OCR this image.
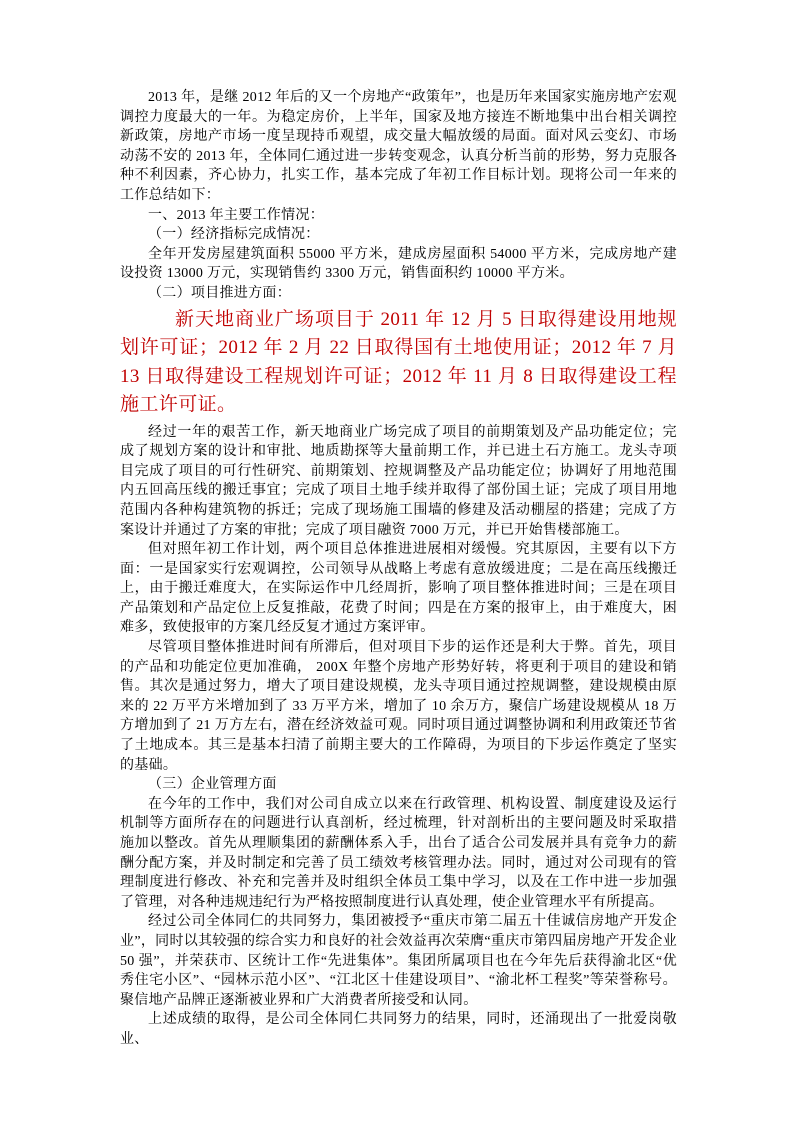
2013 年，是继 2012 年后的又一个房地产“政策年”，也是历年来国家实施房地产宏观调控力度最大的一年。为稳定房价，上半年，国家及地方接连不断地集中出台相关调控新政策，房地产市场一度呈现持币观望，成交量大幅放缓的局面。面对风云变幻、市场动荡不安的 2013 年，全体同仁通过进一步转变观念，认真分析当前的形势，努力克服各种不利因素，齐心协力，扎实工作，基本完成了年初工作目标计划。现将公司一年来的工作总结如下：

一、2013 年主要工作情况：

（一）经济指标完成情况：

全年开发房屋建筑面积 55000 平方米，建成房屋面积 54000 平方米，完成房地产建设投资 13000 万元，实现销售约 3300 万元，销售面积约 10000 平方米。

（二）项目推进方面：

新天地商业广场项目于 2011 年 12 月 5 日取得建设用地规划许可证；2012 年 2 月 22 日取得国有土地使用证；2012 年 7 月 13 日取得建设工程规划许可证；2012 年 11 月 8 日取得建设工程施工许可证。

经过一年的艰苦工作，新天地商业广场完成了项目的前期策划及产品功能定位；完成了规划方案的设计和审批、地质勘探等大量前期工作，并已进土石方施工。龙头寺项目完成了项目的可行性研究、前期策划、控规调整及产品功能定位；协调好了用地范围内五回高压线的搬迁事宜；完成了项目土地手续并取得了部份国土证；完成了项目用地范围内各种构建筑物的拆迁；完成了现场施工围墙的修建及活动棚屋的搭建；完成了方案设计并通过了方案的审批；完成了项目融资 7000 万元，并已开始售楼部施工。

但对照年初工作计划，两个项目总体推进进展相对缓慢。究其原因，主要有以下方面：一是国家实行宏观调控，公司领导从战略上考虑有意放缓进度；二是在高压线搬迁上，由于搬迁难度大，在实际运作中几经周折，影响了项目整体推进时间；三是在项目产品策划和产品定位上反复推敲，花费了时间；四是在方案的报审上，由于难度大，困难多，致使报审的方案几经反复才通过方案评审。

尽管项目整体推进时间有所滞后，但对项目下步的运作还是利大于弊。首先，项目的产品和功能定位更加准确， 200X 年整个房地产形势好转，将更利于项目的建设和销售。其次是通过努力，增大了项目建设规模，龙头寺项目通过控规调整，建设规模由原来的 22 万平方米增加到了 33 万平方米，增加了 10 余万方，聚信广场建设规模从 18 万方增加到了 21 万方左右，潜在经济效益可观。同时项目通过调整协调和利用政策还节省了土地成本。其三是基本扫清了前期主要大的工作障碍，为项目的下步运作奠定了坚实的基础。

（三）企业管理方面

在今年的工作中，我们对公司自成立以来在行政管理、机构设置、制度建设及运行机制等方面所存在的问题进行认真剖析，经过梳理，针对剖析出的主要问题及时采取措施加以整改。首先从理顺集团的薪酬体系入手，出台了适合公司发展并具有竞争力的薪酬分配方案，并及时制定和完善了员工绩效考核管理办法。同时，通过对公司现有的管理制度进行修改、补充和完善并及时组织全体员工集中学习，以及在工作中进一步加强了管理，对各种违规违纪行为严格按照制度进行认真处理，使企业管理水平有所提高。

经过公司全体同仁的共同努力，集团被授予“重庆市第二届五十佳诚信房地产开发企业”，同时以其较强的综合实力和良好的社会效益再次荣膺“重庆市第四届房地产开发企业 50 强”，并荣获市、区统计工作“先进集体”。集团所属项目也在今年先后获得渝北区“优秀住宅小区”、“园林示范小区”、“江北区十佳建设项目”、“渝北杯工程奖”等荣誉称号。聚信地产品牌正逐渐被业界和广大消费者所接受和认同。

上述成绩的取得，是公司全体同仁共同努力的结果，同时，还涌现出了一批爱岗敬业、
